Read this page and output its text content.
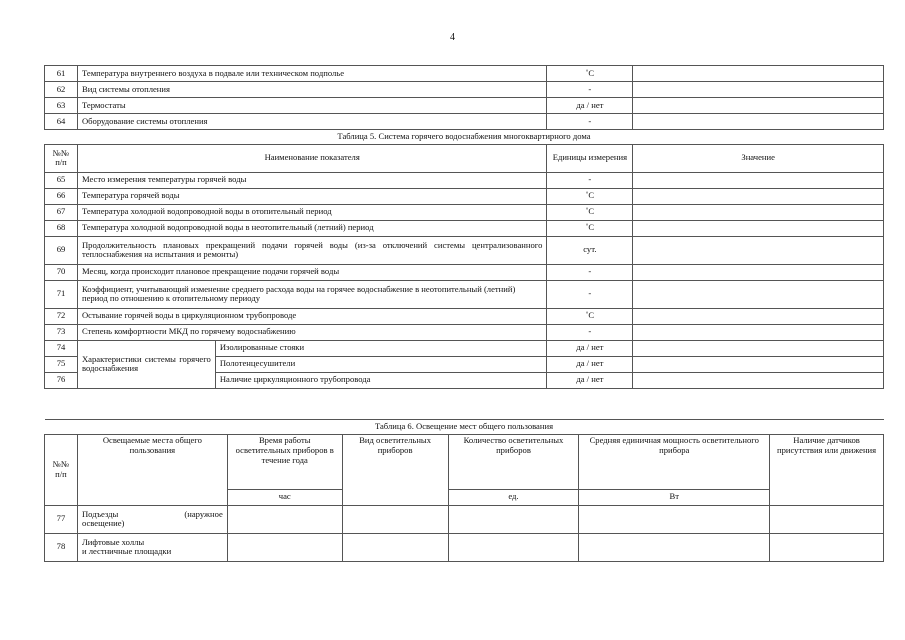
4
61	Температура внутреннего воздуха в подвале или техническом подполье		˚С	
62	Вид системы отопления		-	
63	Термостаты		да / нет	
64	Оборудование системы отопления		-	
Таблица 5. Система горячего водоснабжения многоквартирного дома				
№№ п/п	Наименование показателя		Единицы измерения	Значение
65	Место измерения температуры горячей воды		-	
66	Температура горячей воды		˚С	
67	Температура холодной водопроводной воды в отопительный период		˚С	
68	Температура холодной водопроводной воды в неотопительный (летний) период		˚С	
69	Продолжительность плановых прекращений подачи горячей воды (из-за отключений системы централизованного теплоснабжения на испытания и ремонты)		сут.	
70	Месяц, когда происходит плановое прекращение подачи горячей воды		-	
71	Коэффициент, учитывающий изменение среднего расхода воды на горячее водоснабжение в неотопительный (летний) период по отношению к отопительному периоду		-	
72	Остывание горячей воды в циркуляционном трубопроводе		˚С	
73	Степень комфортности МКД по горячему водоснабжению		-	
74	Характеристики системы горячего водоснабжения	Изолированные стояки	да / нет	
75		Полотенцесушители	да / нет	
76		Наличие циркуляционного трубопровода	да / нет	
Таблица 6. Освещение мест общего пользования						
№№ п/п	Освещаемые места общего пользования	Время работы осветительных приборов в течение года	Вид осветительных приборов	Количество осветительных приборов	Средняя единичная мощность осветительного прибора	Наличие датчиков присутствия или движения
		час		ед.	Вт	
77	Подъезды (наружное
освещение)					

78	Лифтовые холлы
и лестничные площадки					
